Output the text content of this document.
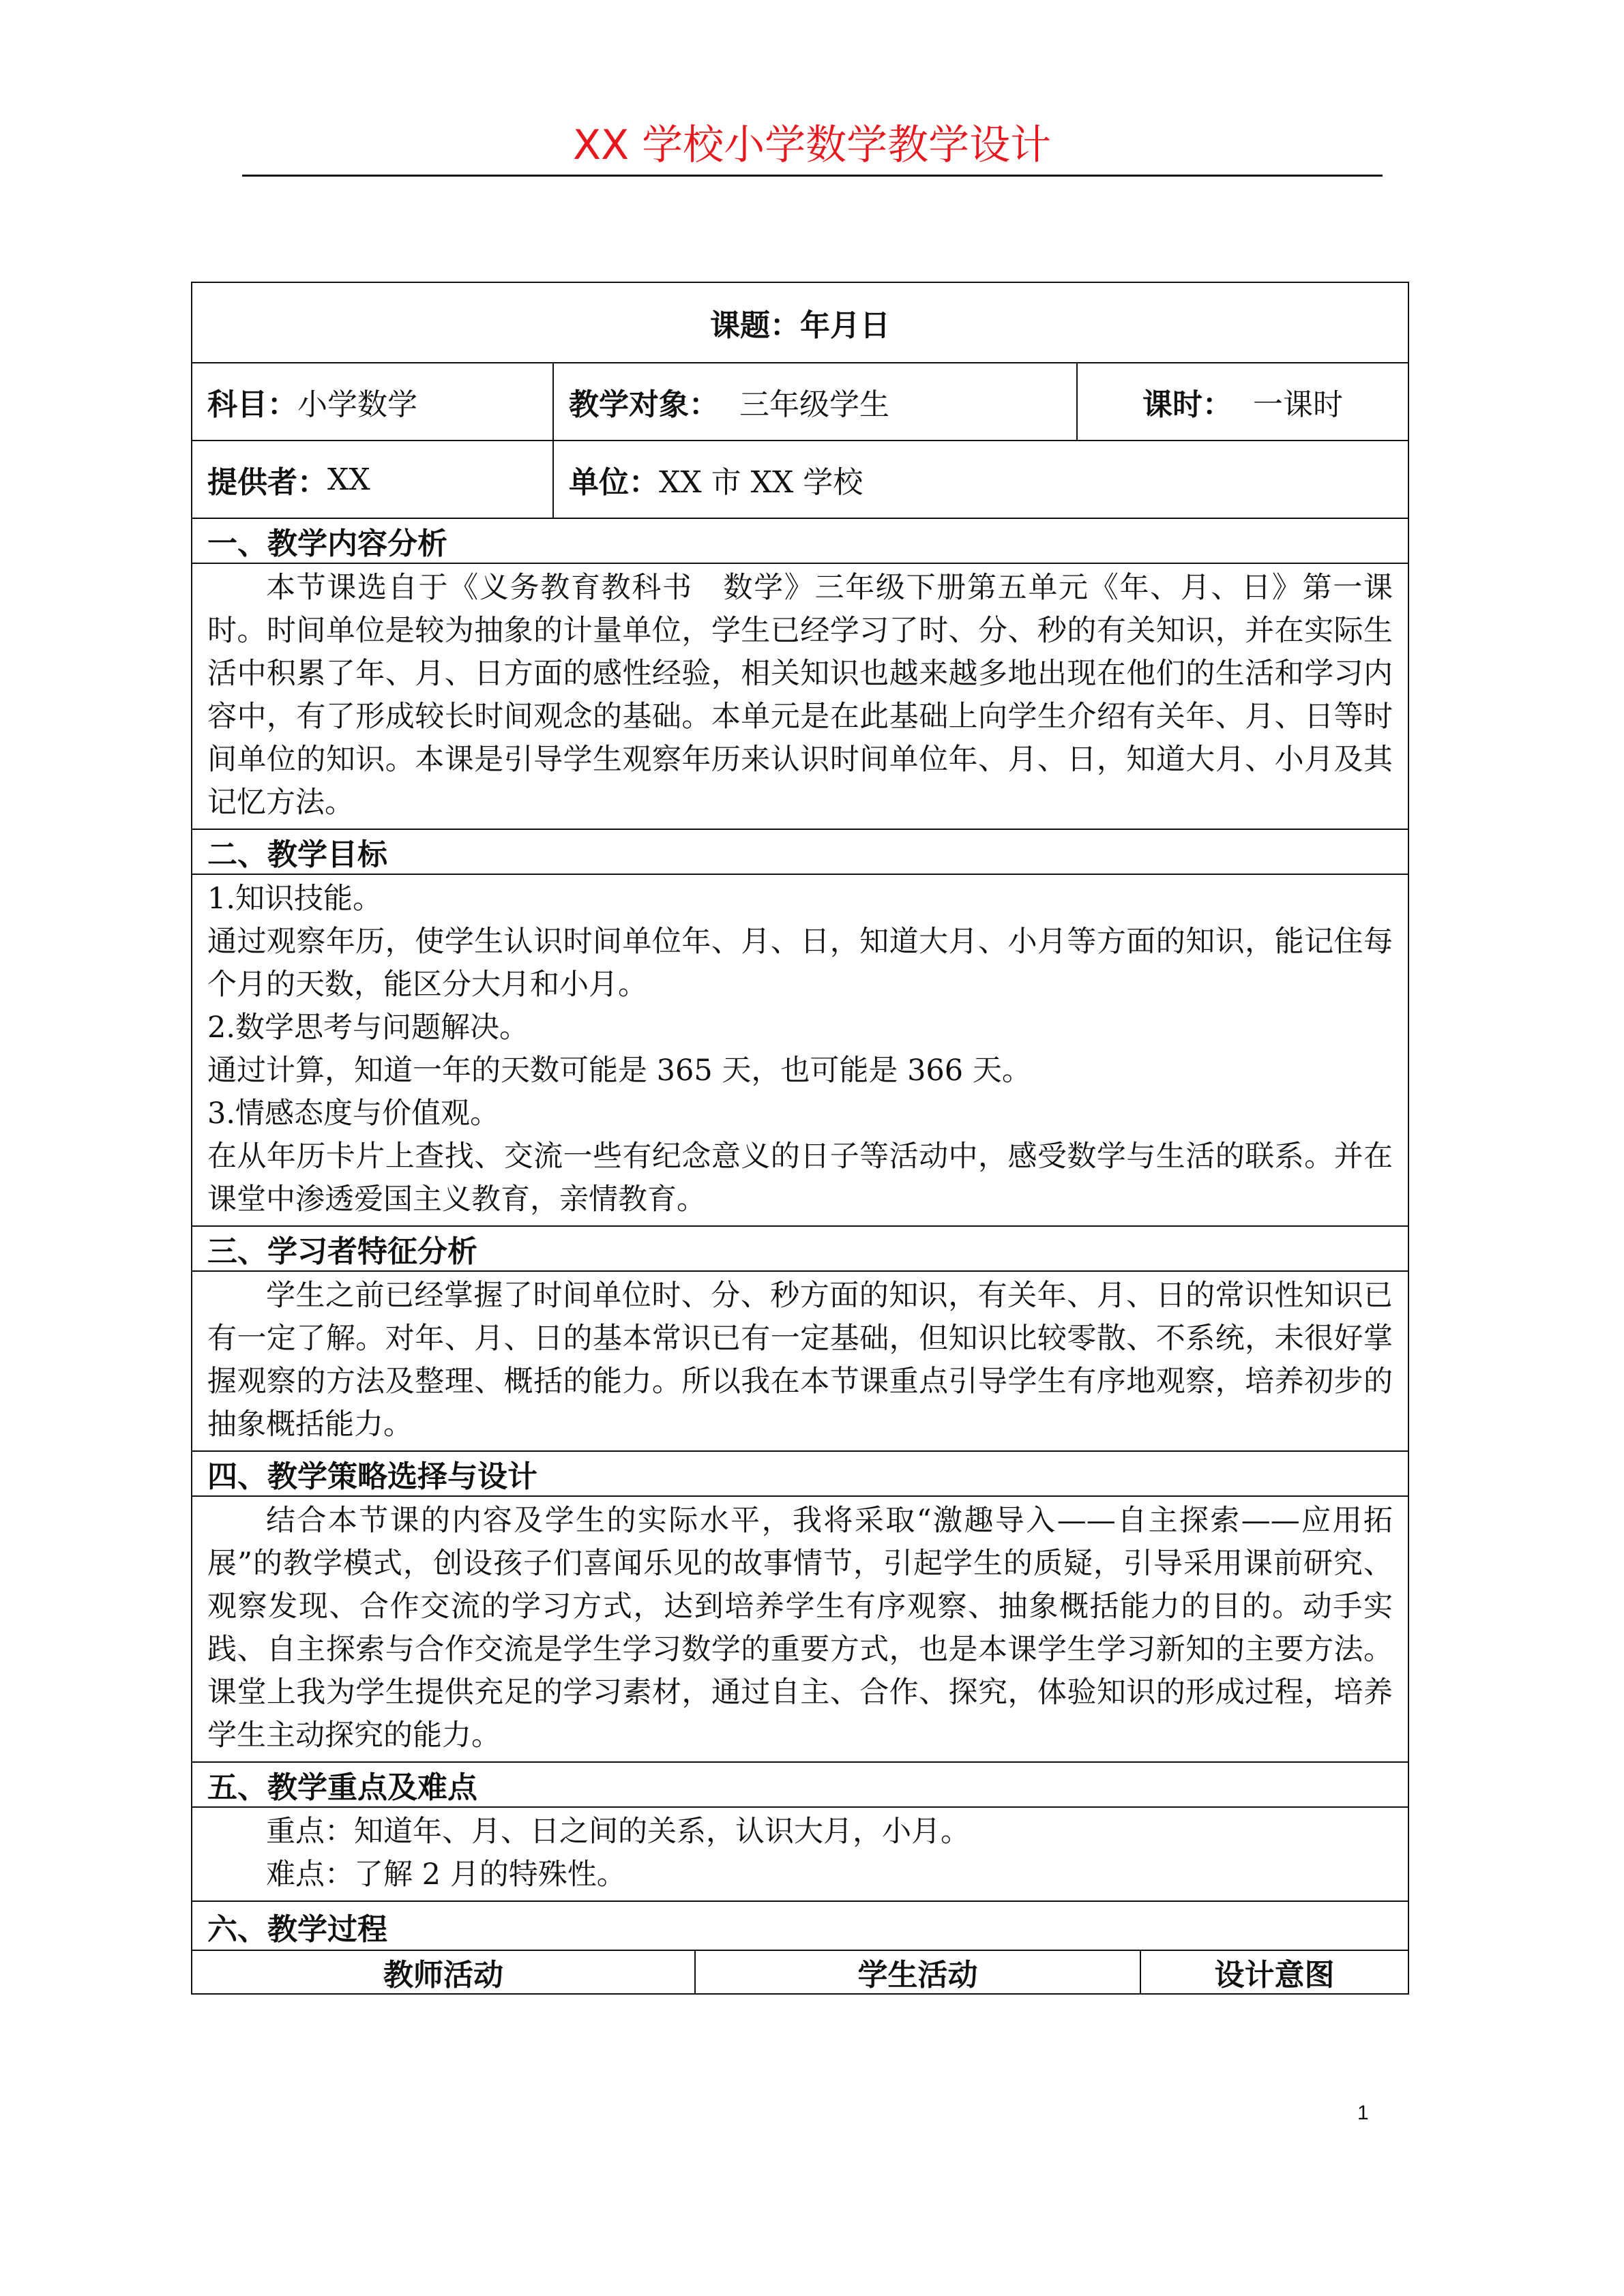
XX 学校小学数学教学设计
课题：年月日
科目： 小学数学	教学对象： 三年级学生	课时： 一课时
提供者： XX	单位： XX 市 XX 学校
一、教学内容分析

本节课选自于《义务教育教科书　数学》三年级下册第五单元《年、月、日》第一课时。时间单位是较为抽象的计量单位，学生已经学习了时、分、秒的有关知识，并在实际生活中积累了年、月、日方面的感性经验，相关知识也越来越多地出现在他们的生活和学习内容中，有了形成较长时间观念的基础。本单元是在此基础上向学生介绍有关年、月、日等时间单位的知识。本课是引导学生观察年历来认识时间单位年、月、日，知道大月、小月及其记忆方法。

二、教学目标

1.知识技能。

通过观察年历，使学生认识时间单位年、月、日，知道大月、小月等方面的知识，能记住每个月的天数，能区分大月和小月。

2.数学思考与问题解决。

通过计算，知道一年的天数可能是 365 天，也可能是 366 天。

3.情感态度与价值观。

在从年历卡片上查找、交流一些有纪念意义的日子等活动中，感受数学与生活的联系。并在课堂中渗透爱国主义教育，亲情教育。

三、学习者特征分析

学生之前已经掌握了时间单位时、分、秒方面的知识，有关年、月、日的常识性知识已有一定了解。对年、月、日的基本常识已有一定基础，但知识比较零散、不系统，未很好掌握观察的方法及整理、概括的能力。所以我在本节课重点引导学生有序地观察，培养初步的抽象概括能力。

四、教学策略选择与设计

结合本节课的内容及学生的实际水平，我将采取“激趣导入——自主探索——应用拓展”的教学模式，创设孩子们喜闻乐见的故事情节，引起学生的质疑，引导采用课前研究、观察发现、合作交流的学习方式，达到培养学生有序观察、抽象概括能力的目的。动手实践、自主探索与合作交流是学生学习数学的重要方式，也是本课学生学习新知的主要方法。课堂上我为学生提供充足的学习素材，通过自主、合作、探究，体验知识的形成过程，培养学生主动探究的能力。

五、教学重点及难点

重点：知道年、月、日之间的关系，认识大月，小月。

难点：了解 2 月的特殊性。

六、教学过程
教师活动	学生活动	设计意图
1
